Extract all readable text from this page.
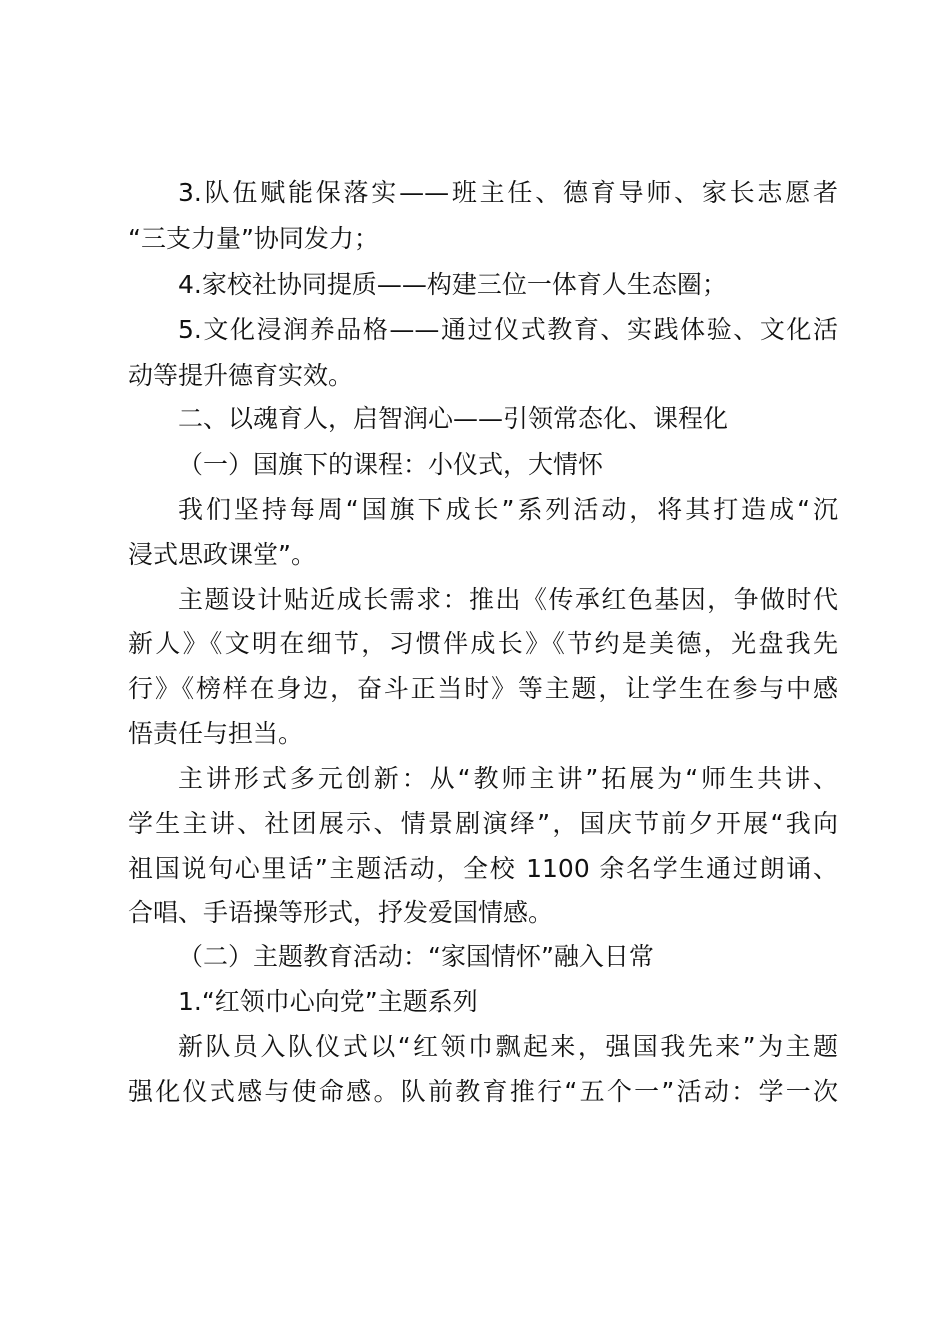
3.队伍赋能保落实——班主任、德育导师、家长志愿者
“三支力量”协同发力；
4.家校社协同提质——构建三位一体育人生态圈；
5.文化浸润养品格——通过仪式教育、实践体验、文化活
动等提升德育实效。
二、以魂育人，启智润心——引领常态化、课程化
（一）国旗下的课程：小仪式，大情怀
我们坚持每周“国旗下成长”系列活动，将其打造成“沉
浸式思政课堂”。
主题设计贴近成长需求：推出《传承红色基因，争做时代
新人》《文明在细节，习惯伴成长》《节约是美德，光盘我先
行》《榜样在身边，奋斗正当时》等主题，让学生在参与中感
悟责任与担当。
主讲形式多元创新：从“教师主讲”拓展为“师生共讲、
学生主讲、社团展示、情景剧演绎”，国庆节前夕开展“我向
祖国说句心里话”主题活动，全校 1100 余名学生通过朗诵、
合唱、手语操等形式，抒发爱国情感。
（二）主题教育活动：“家国情怀”融入日常
1.“红领巾心向党”主题系列
新队员入队仪式以“红领巾飘起来，强国我先来”为主题
强化仪式感与使命感。队前教育推行“五个一”活动：学一次
